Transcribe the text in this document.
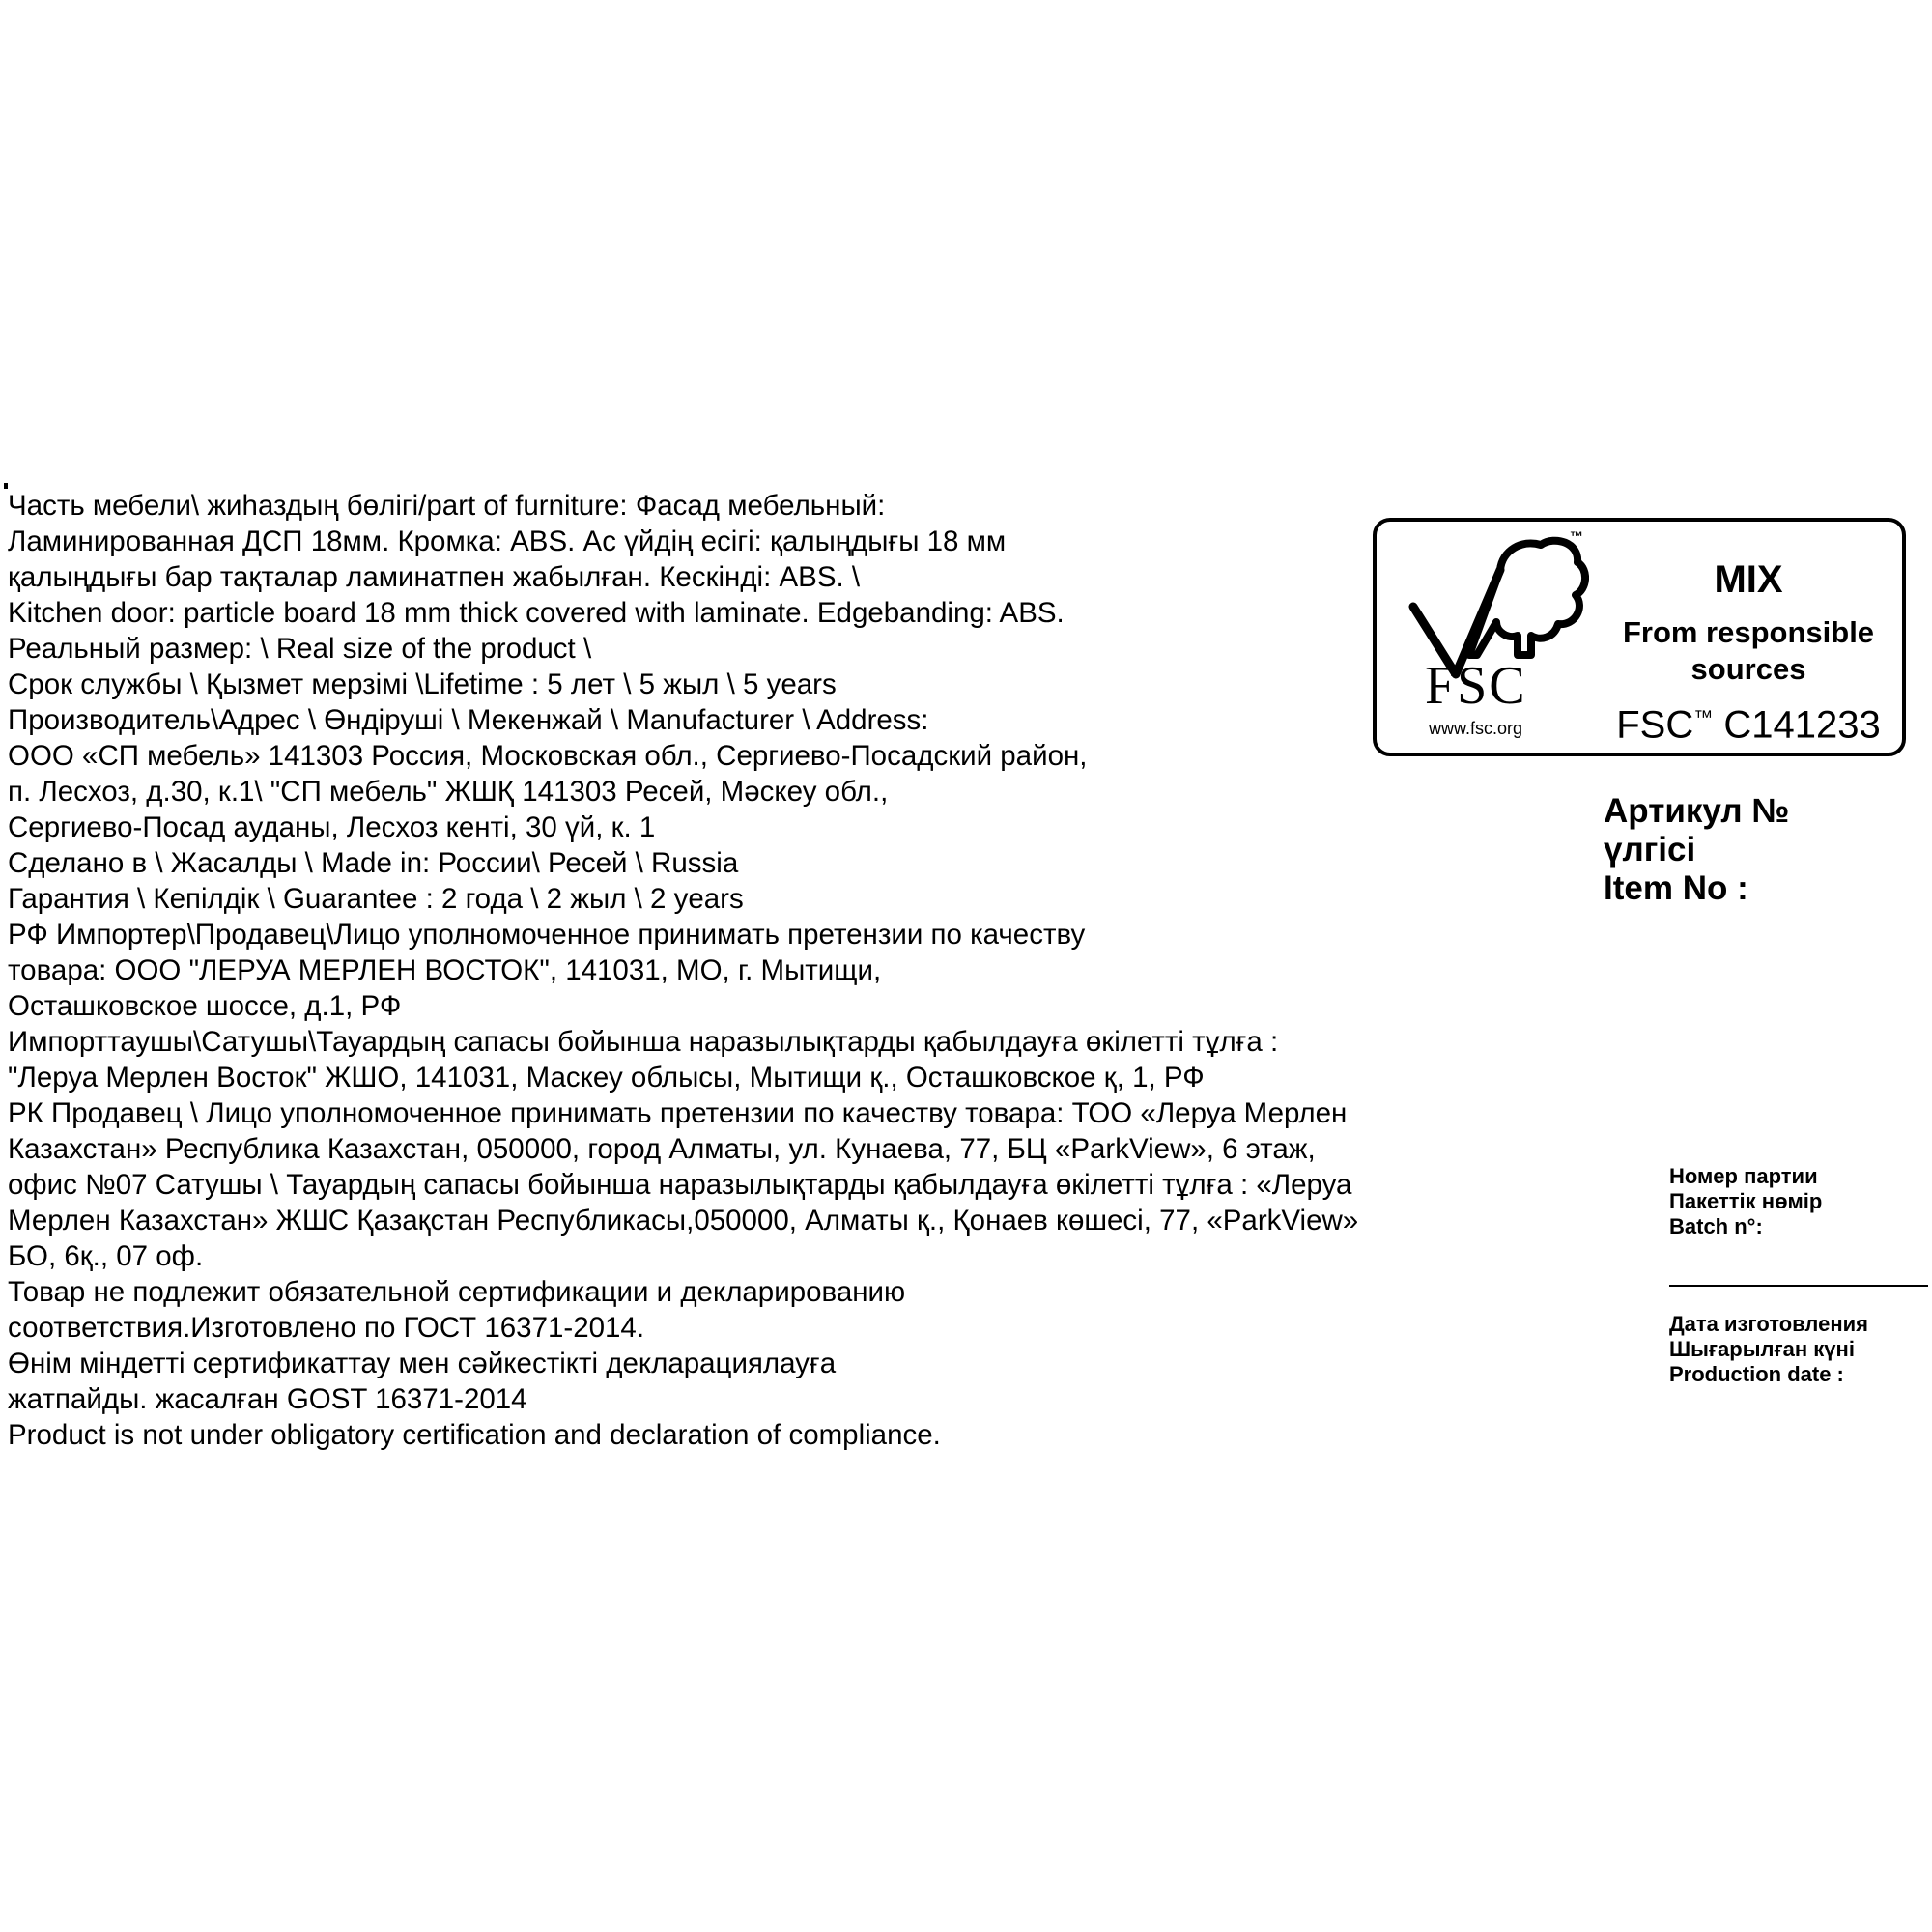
Часть мебели\ жиhаздың бөлігі/part of furniture: Фасад мебельный:
Ламинированная ДСП 18мм. Кромка: ABS. Ас үйдің есігі: қалыңдығы 18 мм
қалыңдығы бар тақталар ламинатпен жабылған. Кескінді: ABS. \
Kitchen door: particle board 18 mm thick covered with laminate. Edgebanding: ABS.
Реальный размер: \ Real size of the product \
Срок службы \ Қызмет мерзімі \Lifetime : 5 лет \ 5 жыл \ 5 years
Производитель\Адрес \ Өндіруші \ Мекенжай \ Manufacturer \ Address:
ООО «СП мебель» 141303 Россия, Московская обл., Сергиево-Посадский район,
п. Лесхоз, д.30, к.1\ "СП мебель" ЖШҚ 141303 Ресей, Мәскеу обл.,
Сергиево-Посад ауданы, Лесхоз кенті, 30 үй, к. 1
Сделано в \ Жасалды \ Made in: России\ Ресей \ Russia
Гарантия \ Кепілдік \ Guarantee : 2 года \ 2 жыл \ 2 years
РФ Импортер\Продавец\Лицо уполномоченное принимать претензии по качеству
товара: ООО "ЛЕРУА МЕРЛЕН ВОСТОК", 141031, МО, г. Мытищи,
Осташковское шоссе, д.1, РФ
Импорттаушы\Сатушы\Тауардың сапасы бойынша наразылықтарды қабылдауға өкілетті тұлға :
"Леруа Мерлен Восток" ЖШО, 141031, Маскеу облысы, Мытищи қ., Осташковское қ, 1, РФ
РК Продавец \ Лицо уполномоченное принимать претензии по качеству товара: ТОО «Леруа Мерлен
Казахстан» Республика Казахстан, 050000, город Алматы, ул. Кунаева, 77, БЦ «ParkView», 6 этаж,
офис №07 Сатушы \ Тауардың сапасы бойынша наразылықтарды қабылдауға өкілетті тұлға : «Леруа
Мерлен Казахстан» ЖШС Қазақстан Республикасы,050000, Алматы қ., Қонаев көшесі, 77, «ParkView»
БО, 6қ., 07 оф.
Товар не подлежит обязательной сертификации и декларированию
соответствия.Изготовлено по ГОСТ 16371-2014.
Өнім міндетті сертификаттау мен сәйкестікті декларациялауға
жатпайды. жасалған GOST 16371-2014
Product is not under obligatory certification and declaration of compliance.
™
FSC
www.fsc.org
MIX
From responsible
sources
FSC™ C141233
Артикул №
үлгісі
Item No :
Номер партии
Пакеттік нөмір
Batch n°:
Дата изготовления
Шығарылған күні
Production date :
